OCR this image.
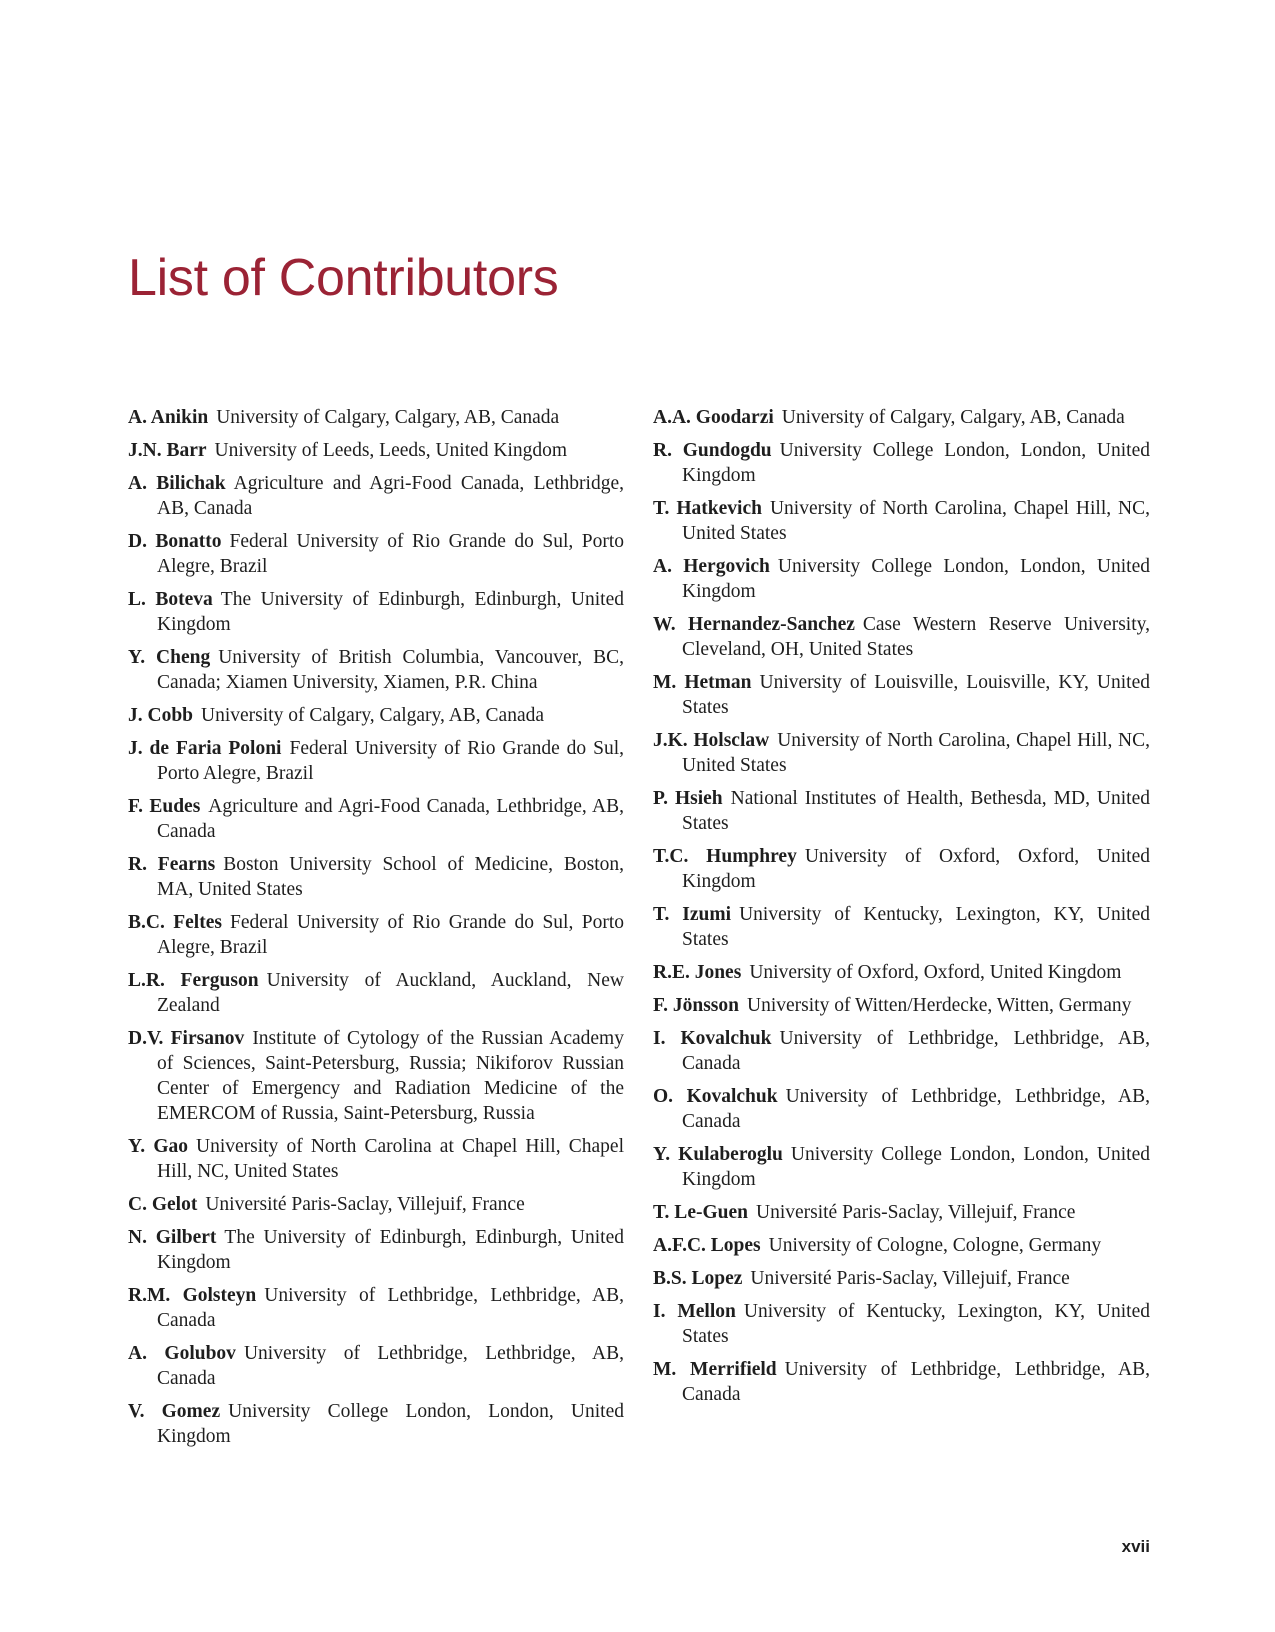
List of Contributors

A. Anikin University of Calgary, Calgary, AB, Canada

J.N. Barr University of Leeds, Leeds, United Kingdom

A. Bilichak Agriculture and Agri-Food Canada, Lethbridge, AB, Canada

D. Bonatto Federal University of Rio Grande do Sul, Porto Alegre, Brazil

L. Boteva The University of Edinburgh, Edinburgh, United Kingdom

Y. Cheng University of British Columbia, Vancouver, BC, Canada; Xiamen University, Xiamen, P.R. China

J. Cobb University of Calgary, Calgary, AB, Canada

J. de Faria Poloni Federal University of Rio Grande do Sul, Porto Alegre, Brazil

F. Eudes Agriculture and Agri-Food Canada, Lethbridge, AB, Canada

R. Fearns Boston University School of Medicine, Boston, MA, United States

B.C. Feltes Federal University of Rio Grande do Sul, Porto Alegre, Brazil

L.R. Ferguson University of Auckland, Auckland, New Zealand

D.V. Firsanov Institute of Cytology of the Russian Academy of Sciences, Saint-Petersburg, Russia; Nikiforov Russian Center of Emergency and Radiation Medicine of the EMERCOM of Russia, Saint-Petersburg, Russia

Y. Gao University of North Carolina at Chapel Hill, Chapel Hill, NC, United States

C. Gelot Université Paris-Saclay, Villejuif, France

N. Gilbert The University of Edinburgh, Edinburgh, United Kingdom

R.M. Golsteyn University of Lethbridge, Lethbridge, AB, Canada

A. Golubov University of Lethbridge, Lethbridge, AB, Canada

V. Gomez University College London, London, United Kingdom

A.A. Goodarzi University of Calgary, Calgary, AB, Canada

R. Gundogdu University College London, London, United Kingdom

T. Hatkevich University of North Carolina, Chapel Hill, NC, United States

A. Hergovich University College London, London, United Kingdom

W. Hernandez-Sanchez Case Western Reserve University, Cleveland, OH, United States

M. Hetman University of Louisville, Louisville, KY, United States

J.K. Holsclaw University of North Carolina, Chapel Hill, NC, United States

P. Hsieh National Institutes of Health, Bethesda, MD, United States

T.C. Humphrey University of Oxford, Oxford, United Kingdom

T. Izumi University of Kentucky, Lexington, KY, United States

R.E. Jones University of Oxford, Oxford, United Kingdom

F. Jönsson University of Witten/Herdecke, Witten, Germany

I. Kovalchuk University of Lethbridge, Lethbridge, AB, Canada

O. Kovalchuk University of Lethbridge, Lethbridge, AB, Canada

Y. Kulaberoglu University College London, London, United Kingdom

T. Le-Guen Université Paris-Saclay, Villejuif, France

A.F.C. Lopes University of Cologne, Cologne, Germany

B.S. Lopez Université Paris-Saclay, Villejuif, France

I. Mellon University of Kentucky, Lexington, KY, United States

M. Merrifield University of Lethbridge, Lethbridge, AB, Canada

xvii
